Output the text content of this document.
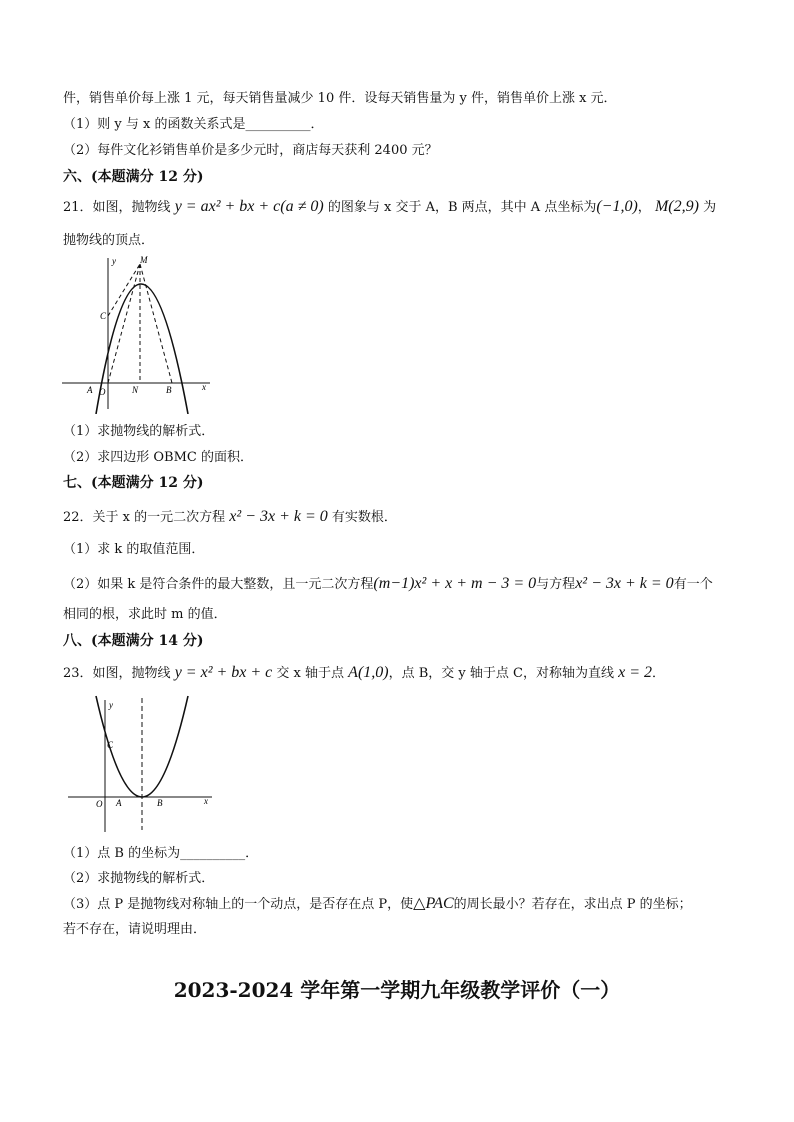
件，销售单价每上涨 1 元，每天销售量减少 10 件．设每天销售量为 y 件，销售单价上涨 x 元．
（1）则 y 与 x 的函数关系式是__________．
（2）每件文化衫销售单价是多少元时，商店每天获利 2400 元？
六、(本题满分 12 分)
21．如图，抛物线 y = ax² + bx + c(a ≠ 0) 的图象与 x 交于 A，B 两点，其中 A 点坐标为(−1,0)， M(2,9) 为
抛物线的顶点．
y	M
C
A O	N	B	x
（1）求抛物线的解析式．
（2）求四边形 OBMC 的面积．
七、(本题满分 12 分)
22．关于 x 的一元二次方程 x² − 3x + k = 0 有实数根．
（1）求 k 的取值范围．
（2）如果 k 是符合条件的最大整数，且一元二次方程(m−1)x² + x + m − 3 = 0与方程x² − 3x + k = 0有一个
相同的根，求此时 m 的值．
八、(本题满分 14 分)
23．如图，抛物线 y = x² + bx + c 交 x 轴于点 A(1,0)，点 B，交 y 轴于点 C，对称轴为直线 x = 2．
y
C
O A	B	x
（1）点 B 的坐标为__________．
（2）求抛物线的解析式．
（3）点 P 是抛物线对称轴上的一个动点，是否存在点 P，使△PAC的周长最小？若存在，求出点 P 的坐标；
若不存在，请说明理由．
2023-2024 学年第一学期九年级教学评价（一）
